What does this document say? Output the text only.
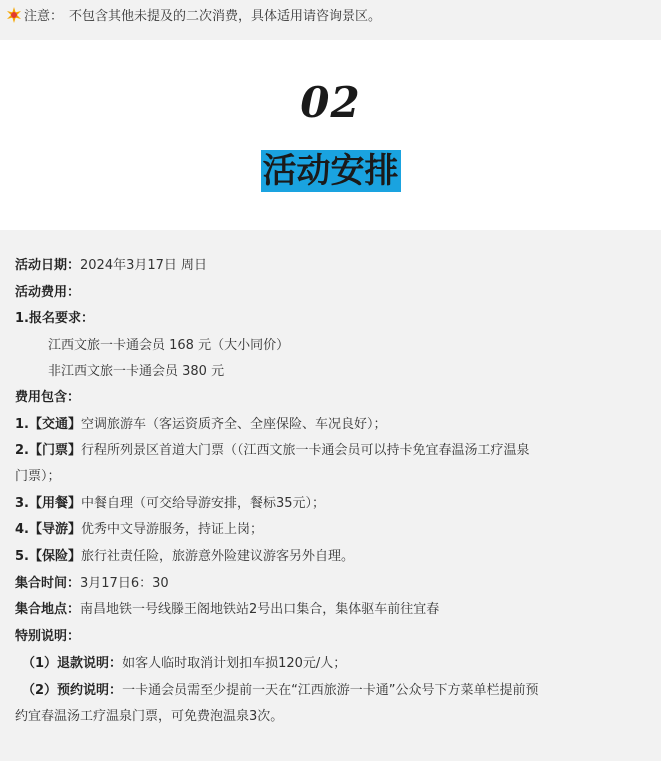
注意： 不包含其他未提及的二次消费，具体适用请咨询景区。
02
活动安排
活动日期：2024年3月17日 周日
活动费用：
1.报名要求：
江西文旅一卡通会员 168 元（大小同价）
非江西文旅一卡通会员 380 元
费用包含：
1.【交通】空调旅游车（客运资质齐全、全座保险、车况良好）；
2.【门票】行程所列景区首道大门票（（江西文旅一卡通会员可以持卡免宜春温汤工疗温泉
门票）；
3.【用餐】中餐自理（可交给导游安排，餐标35元）；
4.【导游】优秀中文导游服务，持证上岗；
5.【保险】旅行社责任险，旅游意外险建议游客另外自理。
集合时间：3月17日6：30
集合地点：南昌地铁一号线滕王阁地铁站2号出口集合，集体驱车前往宜春
特别说明：
（1）退款说明：如客人临时取消计划扣车损120元/人；
（2）预约说明：一卡通会员需至少提前一天在“江西旅游一卡通”公众号下方菜单栏提前预
约宜春温汤工疗温泉门票，可免费泡温泉3次。
